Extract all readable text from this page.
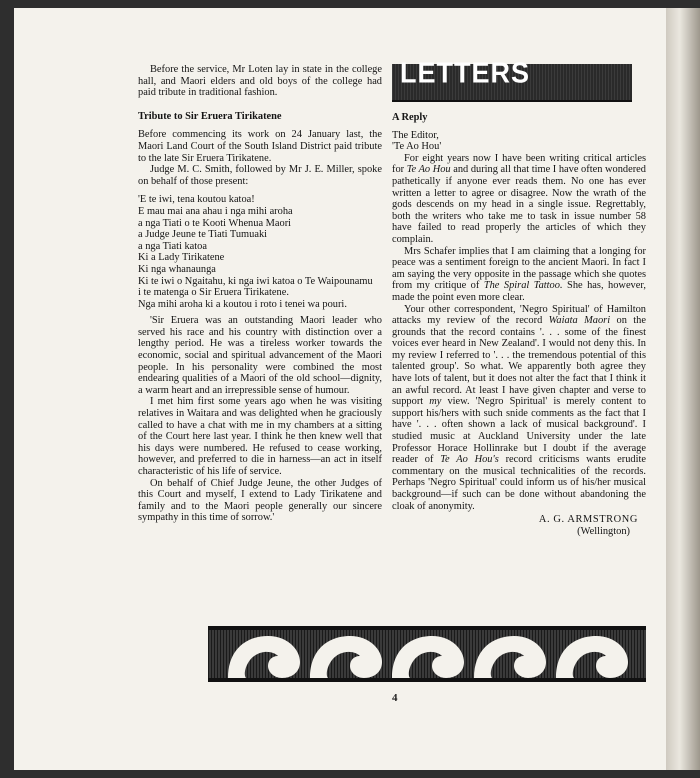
Before the service, Mr Loten lay in state in the college hall, and Maori elders and old boys of the college had paid tribute in traditional fashion.

Tribute to Sir Eruera Tirikatene

Before commencing its work on 24 January last, the Maori Land Court of the South Island District paid tribute to the late Sir Eruera Tirikatene.

Judge M. C. Smith, followed by Mr J. E. Miller, spoke on behalf of those present:

'E te iwi, tena koutou katoa!
E mau mai ana ahau i nga mihi aroha
a nga Tiati o te Kooti Whenua Maori
a Judge Jeune te Tiati Tumuaki
a nga Tiati katoa
Ki a Lady Tirikatene
Ki nga whanaunga
Ki te iwi o Ngaitahu, ki nga iwi katoa o Te Waipounamu
i te matenga o Sir Eruera Tirikatene.
Nga mihi aroha ki a koutou i roto i tenei wa pouri.

'Sir Eruera was an outstanding Maori leader who served his race and his country with distinction over a lengthy period. He was a tireless worker towards the economic, social and spiritual advancement of the Maori people. In his personality were combined the most endearing qualities of a Maori of the old school—dignity, a warm heart and an irrepressible sense of humour.

I met him first some years ago when he was visiting relatives in Waitara and was delighted when he graciously called to have a chat with me in my chambers at a sitting of the Court here last year. I think he then knew well that his days were numbered. He refused to cease working, however, and preferred to die in harness—an act in itself characteristic of his life of service.

On behalf of Chief Judge Jeune, the other Judges of this Court and myself, I extend to Lady Tirikatene and family and to the Maori people generally our sincere sympathy in this time of sorrow.'

LETTERS
A Reply

The Editor,

'Te Ao Hou'

For eight years now I have been writing critical articles for Te Ao Hou and during all that time I have often wondered pathetically if anyone ever reads them. No one has ever written a letter to agree or disagree. Now the wrath of the gods descends on my head in a single issue. Regrettably, both the writers who take me to task in issue number 58 have failed to read properly the articles of which they complain.

Mrs Schafer implies that I am claiming that a longing for peace was a sentiment foreign to the ancient Maori. In fact I am saying the very opposite in the passage which she quotes from my critique of The Spiral Tattoo. She has, however, made the point even more clear.

Your other correspondent, 'Negro Spiritual' of Hamilton attacks my review of the record Waiata Maori on the grounds that the record contains '. . . some of the finest voices ever heard in New Zealand'. I would not deny this. In my review I referred to '. . . the tremendous potential of this talented group'. So what. We apparently both agree they have lots of talent, but it does not alter the fact that I think it an awful record. At least I have given chapter and verse to support my view. 'Negro Spiritual' is merely content to support his/hers with such snide comments as the fact that I have '. . . often shown a lack of musical background'. I studied music at Auckland University under the late Professor Horace Hollinrake but I doubt if the average reader of Te Ao Hou's record criticisms wants erudite commentary on the musical technicalities of the records. Perhaps 'Negro Spiritual' could inform us of his/her musical background—if such can be done without abandoning the cloak of anonymity.

A. G. ARMSTRONG
(Wellington)
4
